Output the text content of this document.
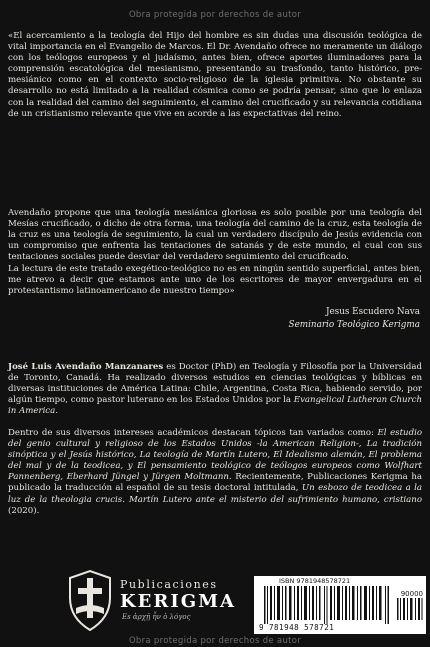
Obra protegida por derechos de autor

«El acercamiento a la teología del Hijo del hombre es sin dudas una discusión teológica de vital importancia en el Evangelio de Marcos. El Dr. Avendaño ofrece no meramente un diálogo con los teólogos europeos y el judaísmo, antes bien, ofrece aportes iluminadores para la comprensión escatológica del mesianismo, presentando su trasfondo, tanto histórico, pre-mesiánico como en el contexto socio-religioso de la iglesia primitiva. No obstante su desarrollo no está limitado a la realidad cósmica como se podría pensar, sino que lo enlaza con la realidad del camino del seguimiento, el camino del crucificado y su relevancia cotidiana de un cristianismo relevante que vive en acorde a las expectativas del reino.

Avendaño propone que una teología mesiánica gloriosa es solo posible por una teología del Mesías crucificado, o dicho de otra forma, una teología del camino de la cruz, esta teología de la cruz es una teología de seguimiento, la cual un verdadero discípulo de Jesús evidencia con un compromiso que enfrenta las tentaciones de satanás y de este mundo, el cual con sus tentaciones sociales puede desviar del verdadero seguimiento del crucificado.

La lectura de este tratado exegético-teológico no es en ningún sentido superficial, antes bien, me atrevo a decir que estamos ante uno de los escritores de mayor envergadura en el protestantismo latinoamericano de nuestro tiempo»

Jesus Escudero Nava
Seminario Teológico Kerigma

José Luis Avendaño Manzanares es Doctor (PhD) en Teología y Filosofía por la Universidad de Toronto, Canadá. Ha realizado diversos estudios en ciencias teológicas y bíblicas en diversas instituciones de América Latina: Chile, Argentina, Costa Rica, habiendo servido, por algún tiempo, como pastor luterano en los Estados Unidos por la Evangelical Lutheran Church in America.

Dentro de sus diversos intereses académicos destacan tópicos tan variados como: El estudio del genio cultural y religioso de los Estados Unidos -la American Religion-, La tradición sinóptica y el Jesús histórico, La teología de Martín Lutero, El Idealismo alemán, El problema del mal y de la teodicea, y El pensamiento teológico de teólogos europeos como Wolfhart Pannenberg, Eberhard Jüngel y Jürgen Moltmann. Recientemente, Publicaciones Kerigma ha publicado la traducción al español de su tesis doctoral intitulada, Un esbozo de teodicea a la luz de la theologia crucis. Martín Lutero ante el misterio del sufrimiento humano, cristiano (2020).

Publicaciones
KERIGMA
Es ἀρχῇ ἦν ὁ λόγος
ISBN 9781948578721
90000
9 781948 578721
Obra protegida por derechos de autor
